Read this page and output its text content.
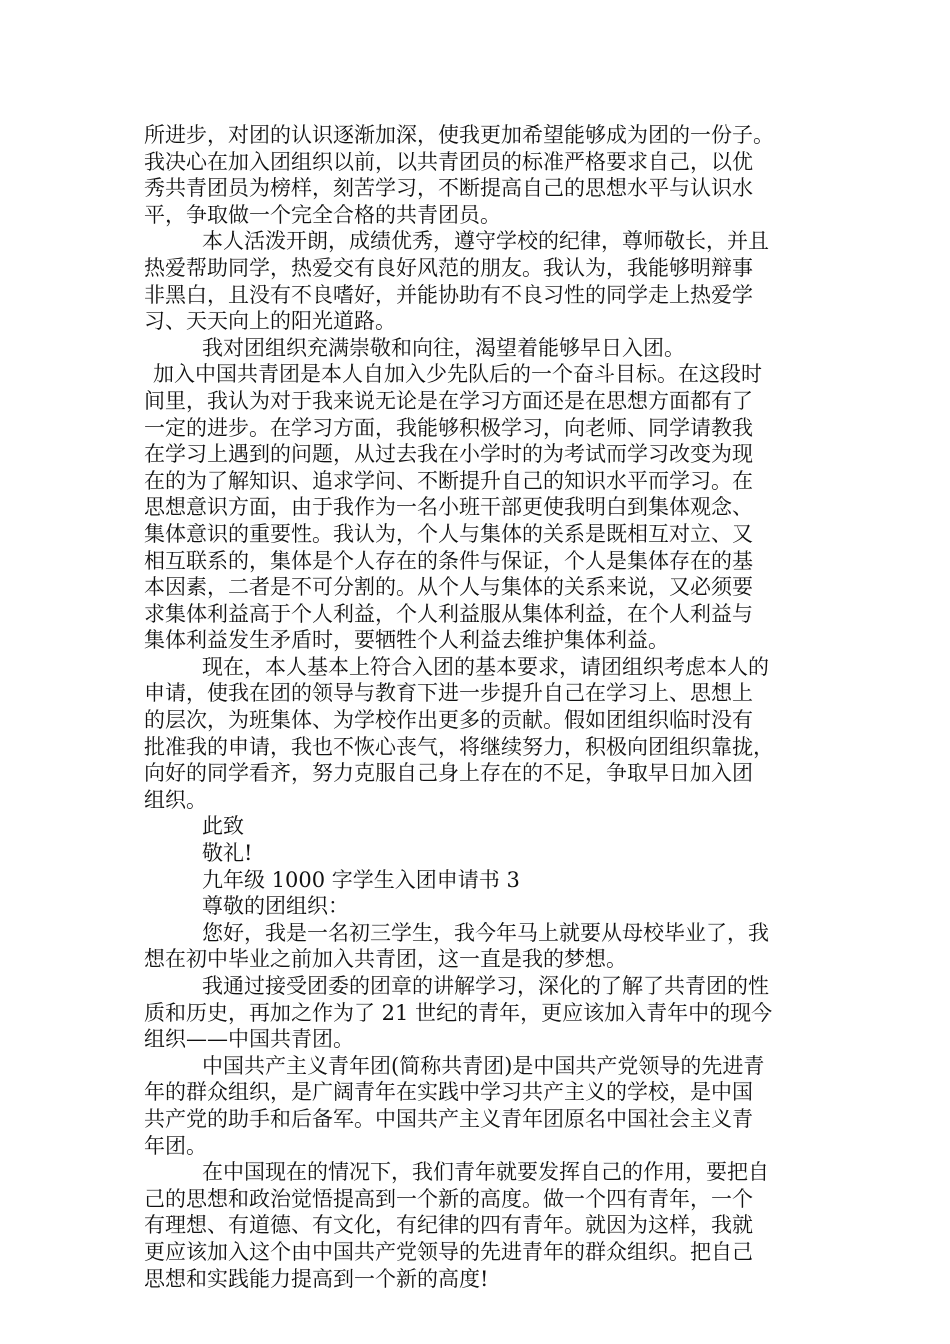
所进步，对团的认识逐渐加深，使我更加希望能够成为团的一份子。
我决心在加入团组织以前，以共青团员的标准严格要求自己，以优
秀共青团员为榜样，刻苦学习，不断提高自己的思想水平与认识水
平，争取做一个完全合格的共青团员。
本人活泼开朗，成绩优秀，遵守学校的纪律，尊师敬长，并且
热爱帮助同学，热爱交有良好风范的朋友。我认为，我能够明辩事
非黑白，且没有不良嗜好，并能协助有不良习性的同学走上热爱学
习、天天向上的阳光道路。
我对团组织充满崇敬和向往，渴望着能够早日入团。
加入中国共青团是本人自加入少先队后的一个奋斗目标。在这段时
间里，我认为对于我来说无论是在学习方面还是在思想方面都有了
一定的进步。在学习方面，我能够积极学习，向老师、同学请教我
在学习上遇到的问题，从过去我在小学时的为考试而学习改变为现
在的为了解知识、追求学问、不断提升自己的知识水平而学习。在
思想意识方面，由于我作为一名小班干部更使我明白到集体观念、
集体意识的重要性。我认为，个人与集体的关系是既相互对立、又
相互联系的，集体是个人存在的条件与保证，个人是集体存在的基
本因素，二者是不可分割的。从个人与集体的关系来说，又必须要
求集体利益高于个人利益，个人利益服从集体利益，在个人利益与
集体利益发生矛盾时，要牺牲个人利益去维护集体利益。
现在，本人基本上符合入团的基本要求，请团组织考虑本人的
申请，使我在团的领导与教育下进一步提升自己在学习上、思想上
的层次，为班集体、为学校作出更多的贡献。假如团组织临时没有
批准我的申请，我也不恢心丧气，将继续努力，积极向团组织靠拢，
向好的同学看齐，努力克服自己身上存在的不足，争取早日加入团
组织。
此致
敬礼!
九年级 1000 字学生入团申请书 3
尊敬的团组织：
您好，我是一名初三学生，我今年马上就要从母校毕业了，我
想在初中毕业之前加入共青团，这一直是我的梦想。
我通过接受团委的团章的讲解学习，深化的了解了共青团的性
质和历史，再加之作为了 21 世纪的青年，更应该加入青年中的现今
组织——中国共青团。
中国共产主义青年团(简称共青团)是中国共产党领导的先进青
年的群众组织，是广阔青年在实践中学习共产主义的学校，是中国
共产党的助手和后备军。中国共产主义青年团原名中国社会主义青
年团。
在中国现在的情况下，我们青年就要发挥自己的作用，要把自
己的思想和政治觉悟提高到一个新的高度。做一个四有青年，一个
有理想、有道德、有文化，有纪律的四有青年。就因为这样，我就
更应该加入这个由中国共产党领导的先进青年的群众组织。把自己
思想和实践能力提高到一个新的高度!
